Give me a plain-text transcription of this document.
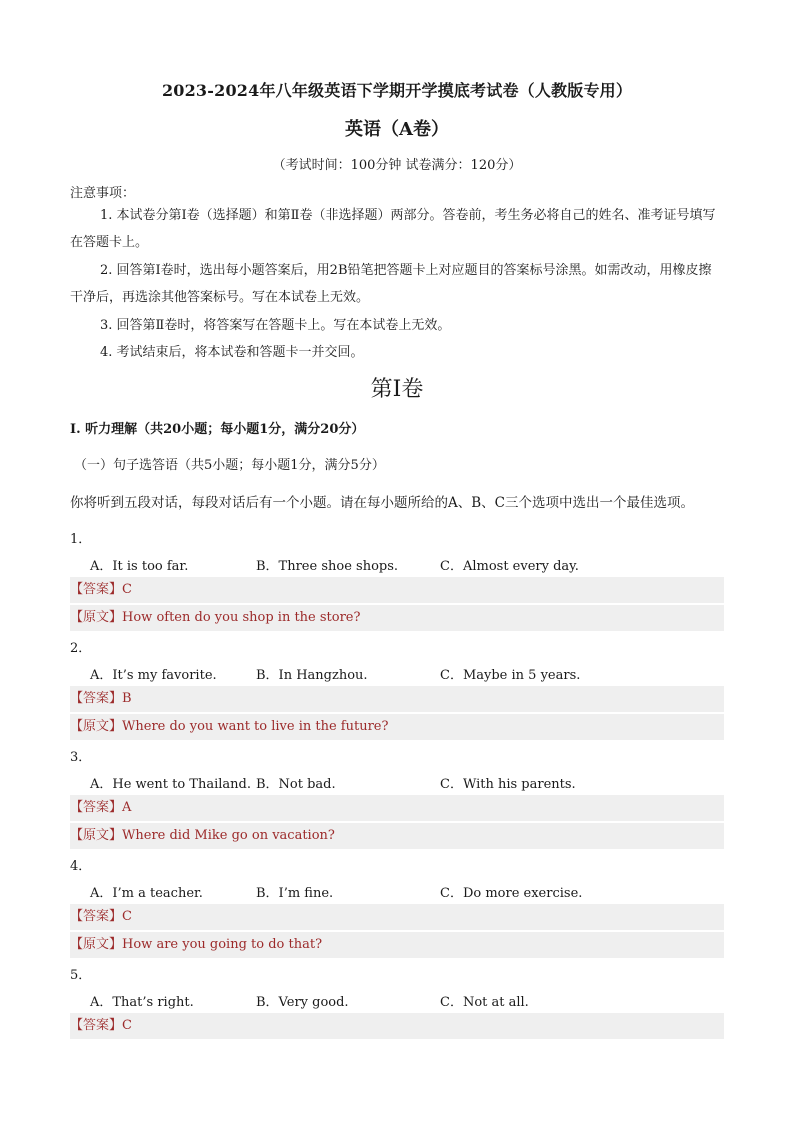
2023-2024年八年级英语下学期开学摸底考试卷（人教版专用）
英语（A卷）
（考试时间：100分钟 试卷满分：120分）
注意事项：
1. 本试卷分第Ⅰ卷（选择题）和第Ⅱ卷（非选择题）两部分。答卷前，考生务必将自己的姓名、准考证号填写在答题卡上。
2. 回答第Ⅰ卷时，选出每小题答案后，用2B铅笔把答题卡上对应题目的答案标号涂黑。如需改动，用橡皮擦干净后，再选涂其他答案标号。写在本试卷上无效。
3. 回答第Ⅱ卷时，将答案写在答题卡上。写在本试卷上无效。
4. 考试结束后，将本试卷和答题卡一并交回。
第Ⅰ卷
I. 听力理解（共20小题；每小题1分，满分20分）
（一）句子选答语（共5小题；每小题1分，满分5分）
你将听到五段对话，每段对话后有一个小题。请在每小题所给的A、B、C三个选项中选出一个最佳选项。
1．
A．It is too far.	B．Three shoe shops.	C．Almost every day.
【答案】C
【原文】How often do you shop in the store?
2．
A．It’s my favorite.	B．In Hangzhou.	C．Maybe in 5 years.
【答案】B
【原文】Where do you want to live in the future?
3．
A．He went to Thailand. B．Not bad.	C．With his parents.
【答案】A
【原文】Where did Mike go on vacation?
4．
A．I’m a teacher.	B．I’m fine.	C．Do more exercise.
【答案】C
【原文】How are you going to do that?
5．
A．That’s right.	B．Very good.	C．Not at all.
【答案】C
